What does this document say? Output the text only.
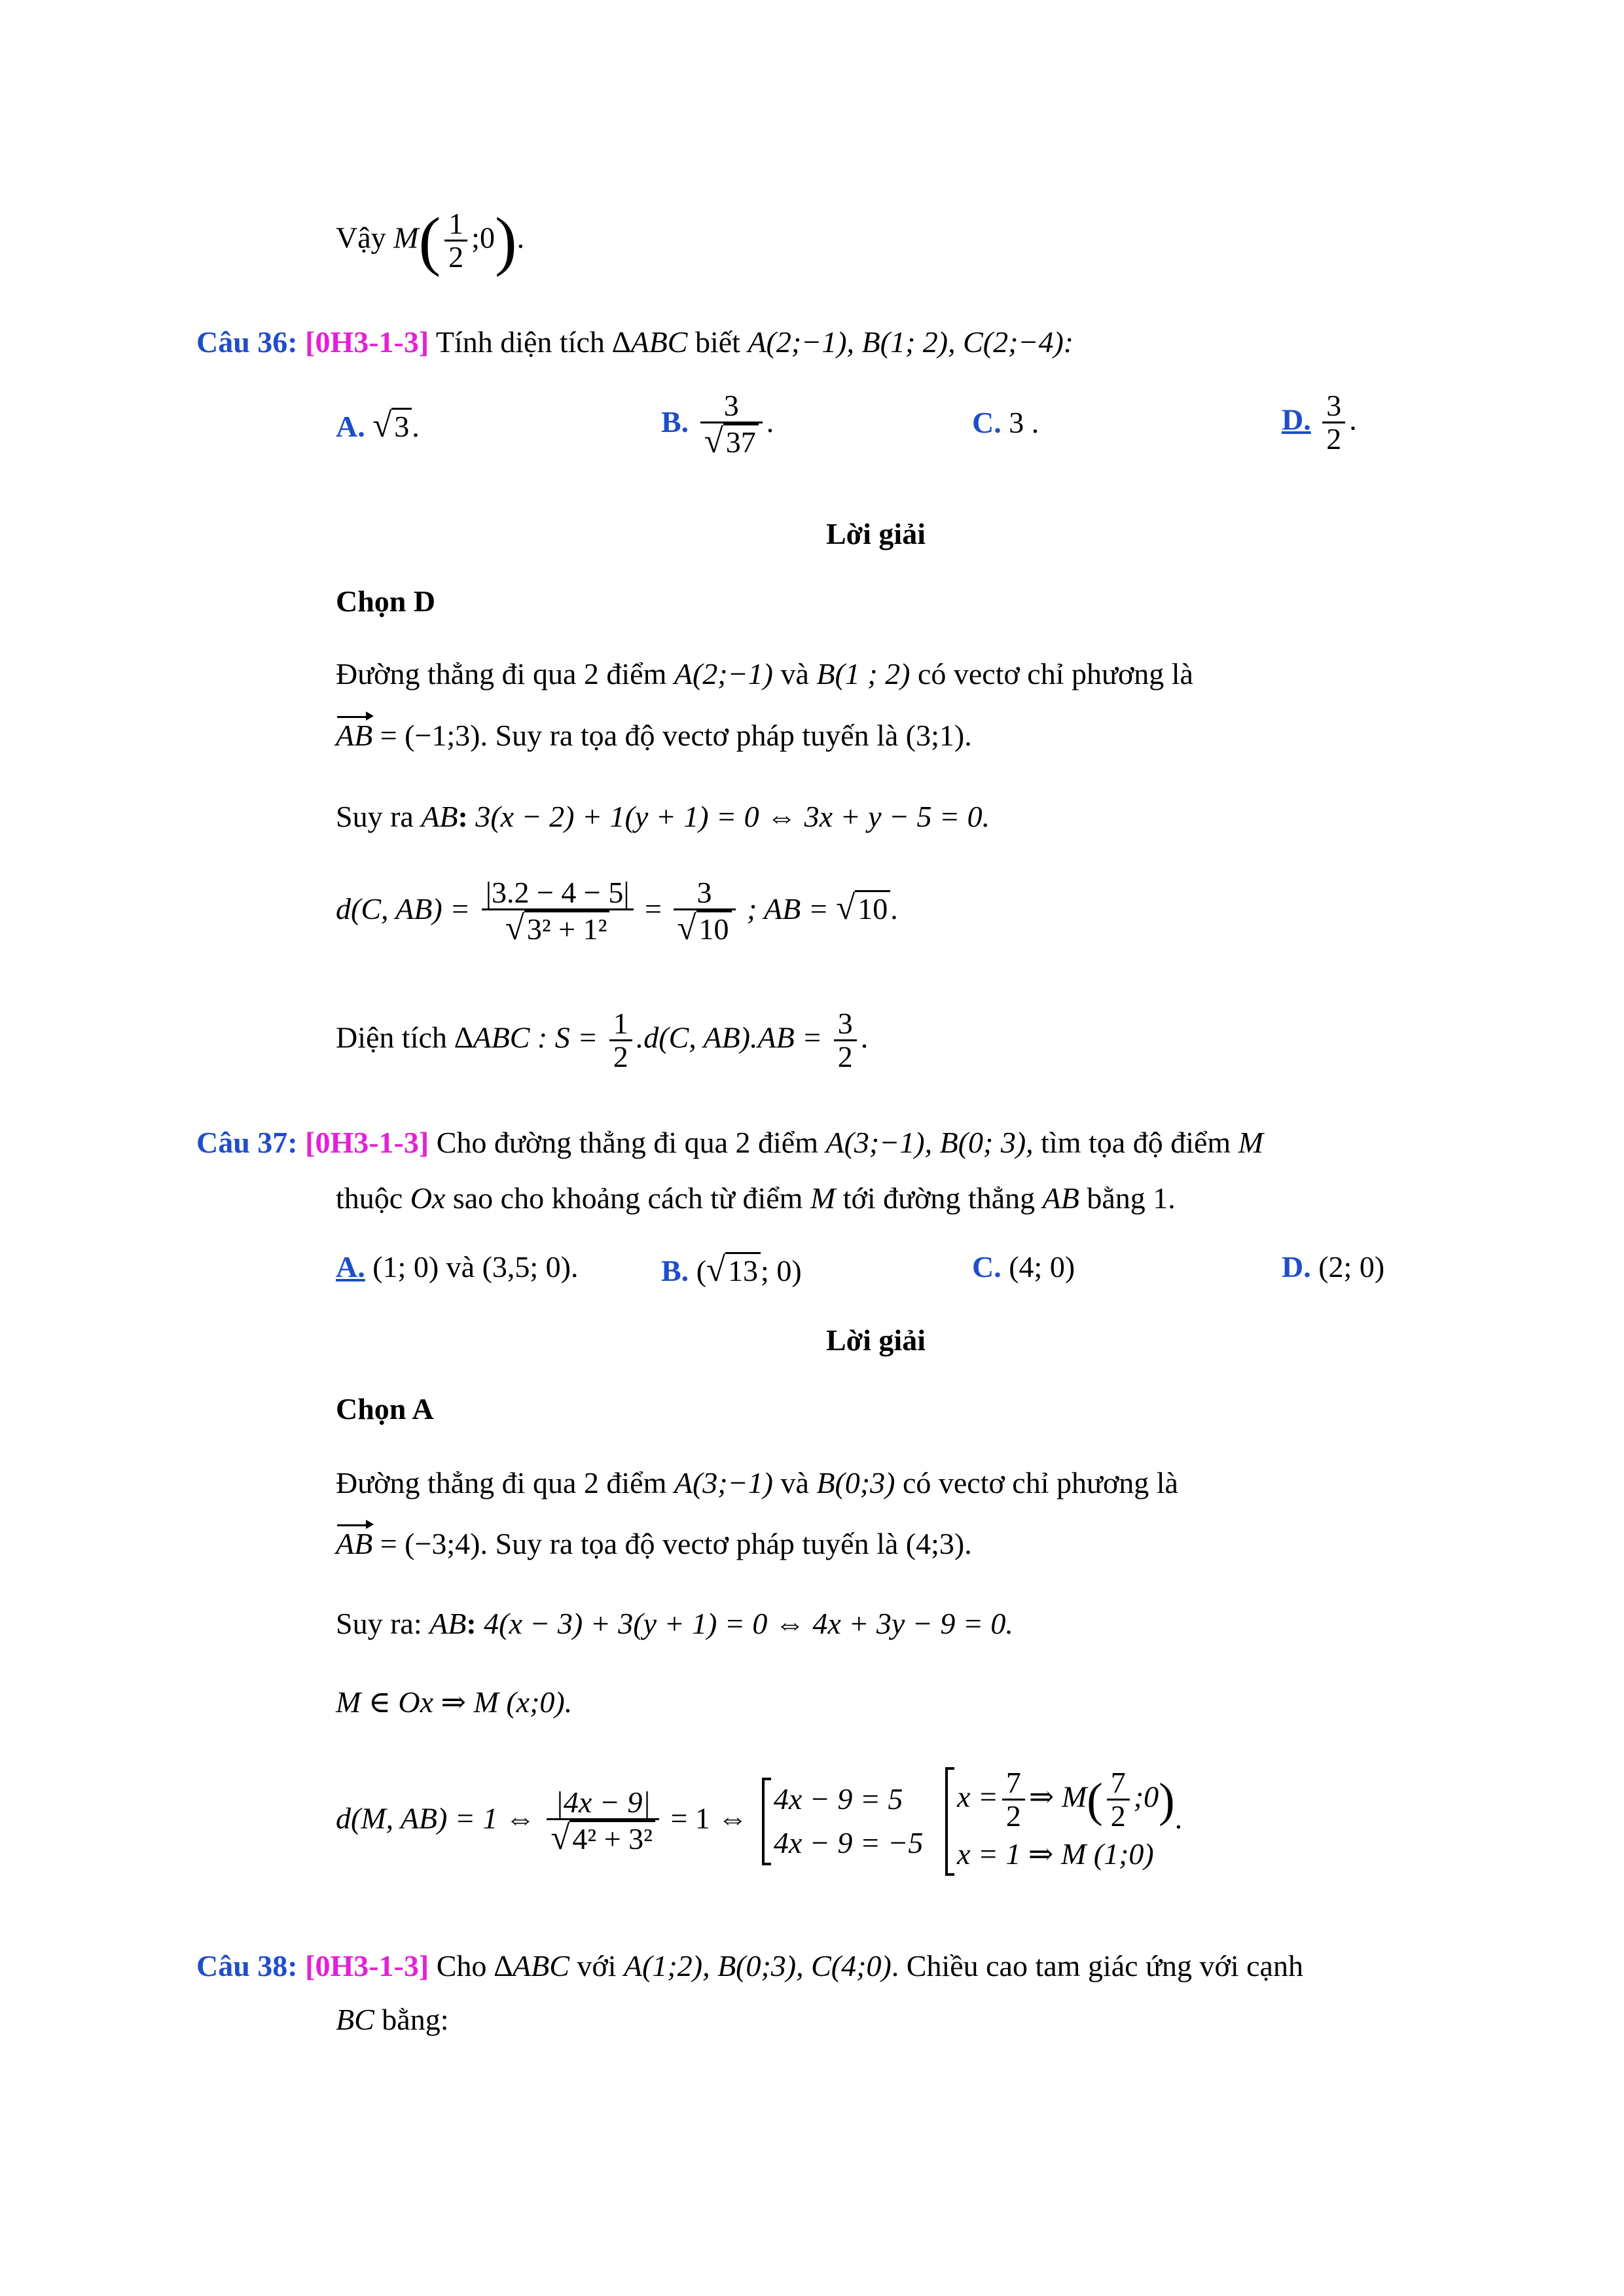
Vậy $M( \frac{1}{2}$ ;0).
Câu 36: [0H3-1-3] Tính diện tích ∆ABC biết A(2;−1), B(1; 2), C(2;−4):
A. √3.	B. $\frac{3}{√37}$ .	C. 3 .	D. $\frac{3}{2}$ .
Lời giải
Chọn D
Đường thẳng đi qua 2 điểm A(2;−1) và B(1 ; 2) có vectơ chỉ phương là
AB = (−1;3). Suy ra tọa độ vectơ pháp tuyến là (3;1).
Suy ra AB: 3(x − 2) + 1(y + 1) = 0 ⇔ 3x + y − 5 = 0.
d(C, $AB) = \frac{|3.2 - 4 - 5|}{\text{√3² + 1²}} = \frac{3}{√10}$ ; AB = √10.
Diện tích ∆ABC : $S = \frac{1}{2} .d(C$, $AB).AB = \frac{3}{2}$ .
Câu 37: [0H3-1-3] Cho đường thẳng đi qua 2 điểm A(3;−1), B(0; 3), tìm tọa độ điểm M
thuộc Ox sao cho khoảng cách từ điểm M tới đường thẳng AB bằng 1.
A. (1; 0) và (3,5; 0).	B. (√13; 0)	C. (4; 0)	D. (2; 0)
Lời giải
Chọn A
Đường thẳng đi qua 2 điểm A(3;−1) và B(0;3) có vectơ chỉ phương là
AB = (−3;4). Suy ra tọa độ vectơ pháp tuyến là (4;3).
Suy ra: AB: 4(x − 3) + 3(y + 1) = 0 ⇔ 4x + 3y − 9 = 0.
M ∈ Ox ⇒ M (x;0).
d(M, AB) = 1 ⇔ $\frac{|4x - 9|}{\text{√4² + 3²}} = 1$ ⇔
4x − 9 = 5
4x − 9 = −5

$x = \frac{7}{2}$ ⇒ $M( \frac{7}{2}$ ;0)
x = 1 ⇒ M (1;0)
.
Câu 38: [0H3-1-3] Cho ∆ABC với A(1;2), B(0;3), C(4;0). Chiều cao tam giác ứng với cạnh
BC bằng:
